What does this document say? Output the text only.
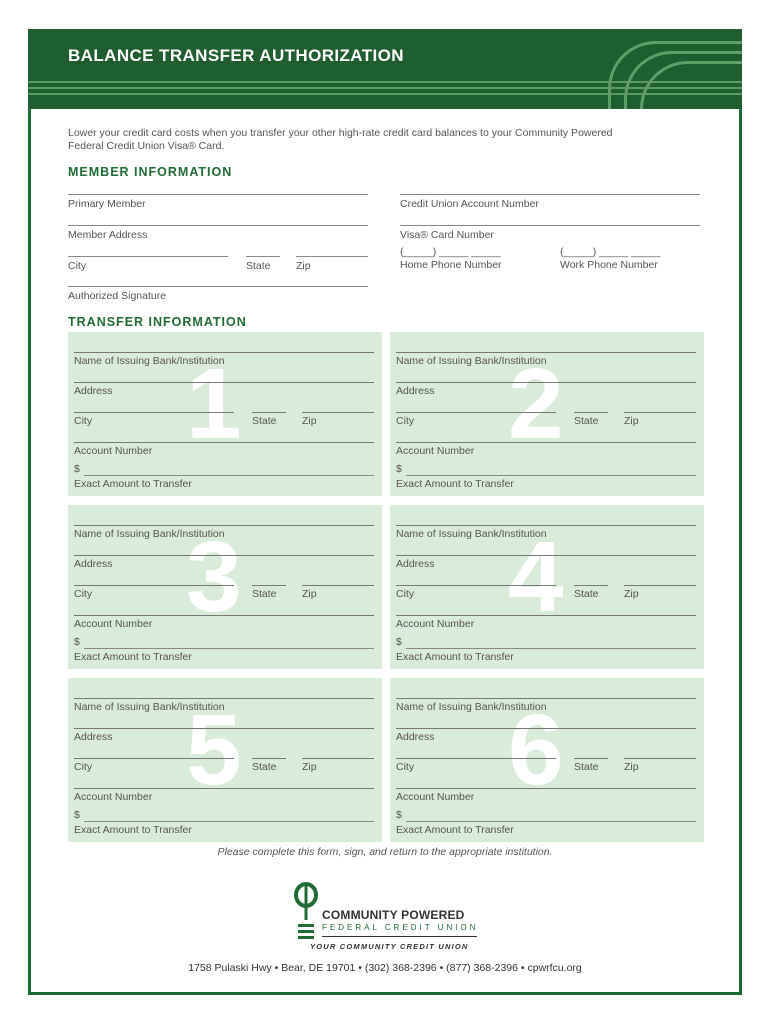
BALANCE TRANSFER AUTHORIZATION
Lower your credit card costs when you transfer your other high-rate credit card balances to your Community Powered Federal Credit Union Visa® Card.
MEMBER INFORMATION
Primary Member	Credit Union Account Number
Member Address	Visa® Card Number
City	State	Zip
(_____) _____ _____	(_____) _____ _____
Home Phone Number	Work Phone Number
Authorized Signature
TRANSFER INFORMATION
1
Name of Issuing Bank/Institution
Address
City	State	Zip
Account Number
$
Exact Amount to Transfer
2
Name of Issuing Bank/Institution
Address
City	State	Zip
Account Number
$
Exact Amount to Transfer
3
Name of Issuing Bank/Institution
Address
City	State	Zip
Account Number
$
Exact Amount to Transfer
4
Name of Issuing Bank/Institution
Address
City	State	Zip
Account Number
$
Exact Amount to Transfer
5
Name of Issuing Bank/Institution
Address
City	State	Zip
Account Number
$
Exact Amount to Transfer
6
Name of Issuing Bank/Institution
Address
City	State	Zip
Account Number
$
Exact Amount to Transfer
Please complete this form, sign, and return to the appropriate institution.
COMMUNITY POWERED
FEDERAL CREDIT UNION
YOUR COMMUNITY CREDIT UNION
1758 Pulaski Hwy • Bear, DE 19701 • (302) 368-2396 • (877) 368-2396 • cpwrfcu.org
